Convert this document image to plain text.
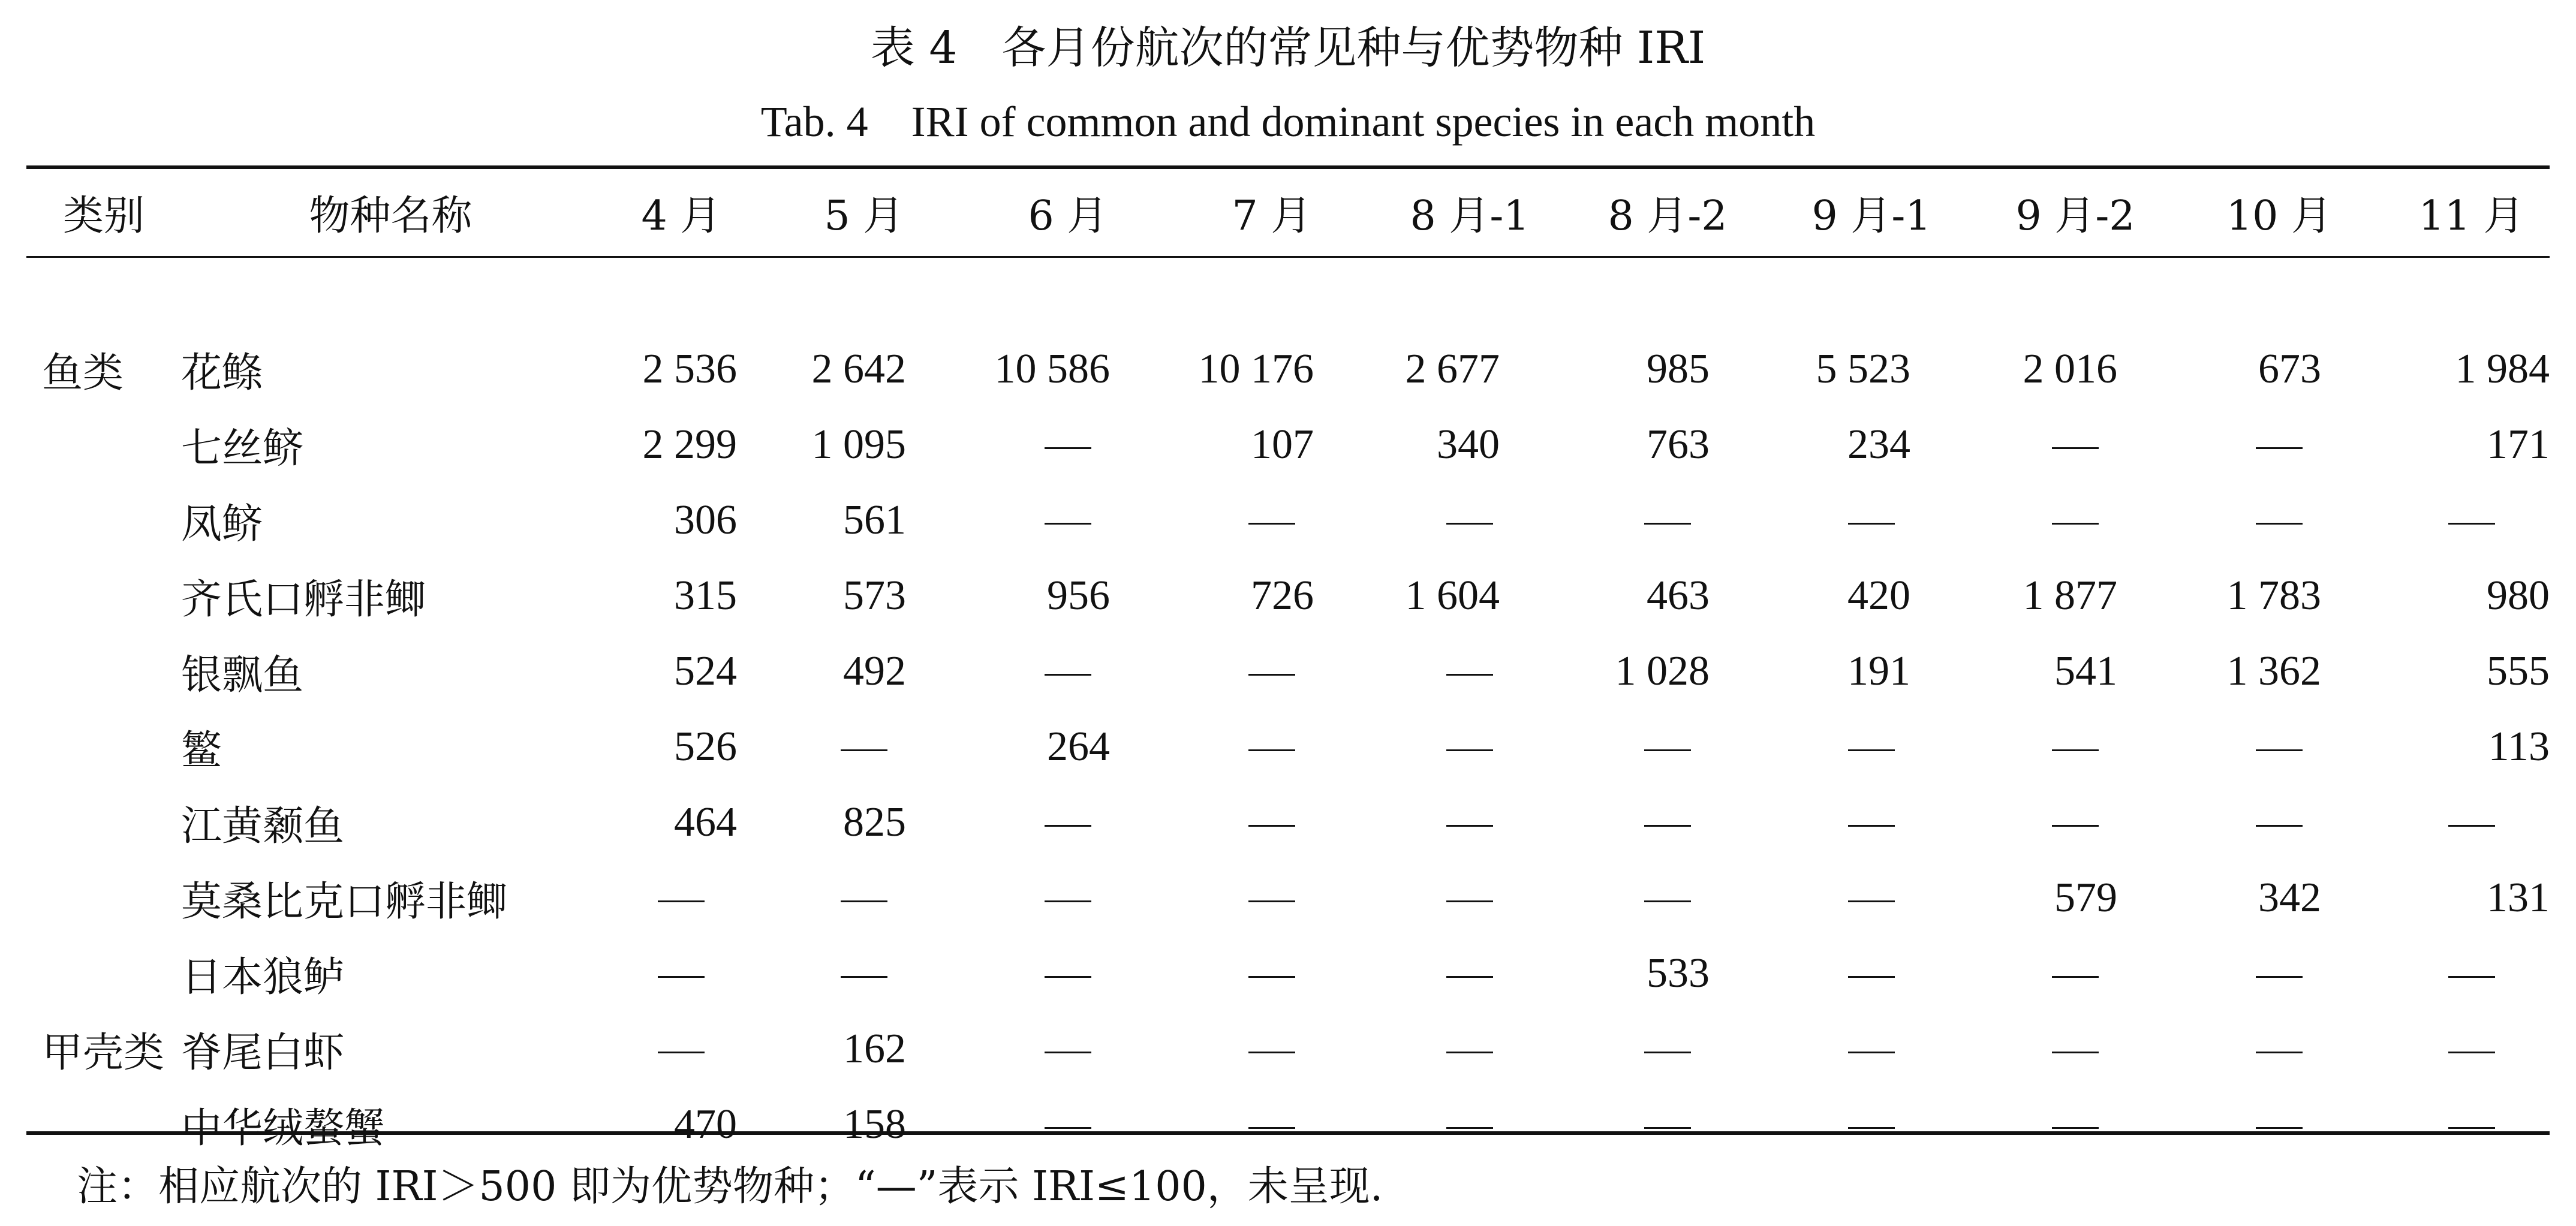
表 4　各月份航次的常见种与优势物种 IRI
Tab. 4　IRI of common and dominant species in each month
类别	物种名称	4 月	5 月	6 月	7 月	8 月-1	8 月-2	9 月-1	9 月-2	10 月	11 月

鱼类	花鲦	2 536	2 642	10 586	10 176	2 677	985	5 523	2 016	673	1 984
	七丝鲚	2 299	1 095		107	340	763	234			171
	凤鲚	306	561								
	齐氏口孵非鲫	315	573	956	726	1 604	463	420	1 877	1 783	980
	银飘鱼	524	492				1 028	191	541	1 362	555
	鳘	526		264							113
	江黄颡鱼	464	825								
	莫桑比克口孵非鲫								579	342	131
	日本狼鲈						533				
甲壳类	脊尾白虾		162								
	中华绒螯蟹	470	158								
注：相应航次的 IRI＞500 即为优势物种；“—”表示 IRI≤100，未呈现.
